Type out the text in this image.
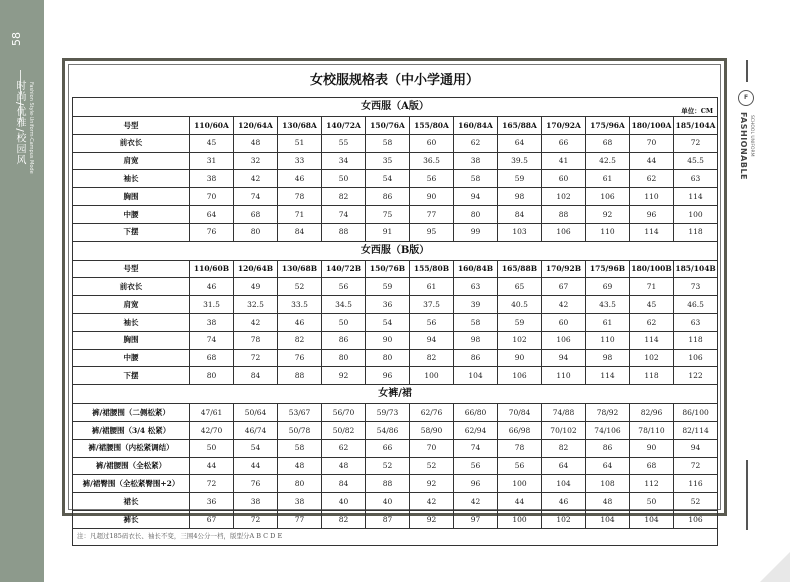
58
时尚/优雅/校园风 Fashion Style·Uniform·Campus Mode
女校服规格表（中小学通用）
女西服（A版） 单位：CM												

号型	110/60A	120/64A	130/68A	140/72A	150/76A	155/80A	160/84A	165/88A	170/92A	175/96A	180/100A	185/104A
前衣长	45	48	51	55	58	60	62	64	66	68	70	72
肩宽	31	32	33	34	35	36.5	38	39.5	41	42.5	44	45.5
袖长	38	42	46	50	54	56	58	59	60	61	62	63
胸围	70	74	78	82	86	90	94	98	102	106	110	114
中腰	64	68	71	74	75	77	80	84	88	92	96	100
下摆	76	80	84	88	91	95	99	103	106	110	114	118
女西服（B版）												
号型	110/60B	120/64B	130/68B	140/72B	150/76B	155/80B	160/84B	165/88B	170/92B	175/96B	180/100B	185/104B
前衣长	46	49	52	56	59	61	63	65	67	69	71	73
肩宽	31.5	32.5	33.5	34.5	36	37.5	39	40.5	42	43.5	45	46.5
袖长	38	42	46	50	54	56	58	59	60	61	62	63
胸围	74	78	82	86	90	94	98	102	106	110	114	118
中腰	68	72	76	80	80	82	86	90	94	98	102	106
下摆	80	84	88	92	96	100	104	106	110	114	118	122
女裤/裙												
裤/裙腰围（二侧松紧）	47/61	50/64	53/67	56/70	59/73	62/76	66/80	70/84	74/88	78/92	82/96	86/100
裤/裙腰围（3/4 松紧）	42/70	46/74	50/78	50/82	54/86	58/90	62/94	66/98	70/102	74/106	78/110	82/114
裤/裙腰围（内松紧调结）	50	54	58	62	66	70	74	78	82	86	90	94
裤/裙腰围（全松紧）	44	44	48	48	52	52	56	56	64	64	68	72
裤/裙臀围（全松紧臀围+2）	72	76	80	84	88	92	96	100	104	108	112	116
裙长	36	38	38	40	40	42	42	44	46	48	50	52
裤长	67	72	77	82	87	92	97	100	102	104	104	106
注：凡超过185码衣长、袖长不变，三围4公分一档，版型分A B C D E												
F
FASHIONABLE SCHOOL UNIFORM
